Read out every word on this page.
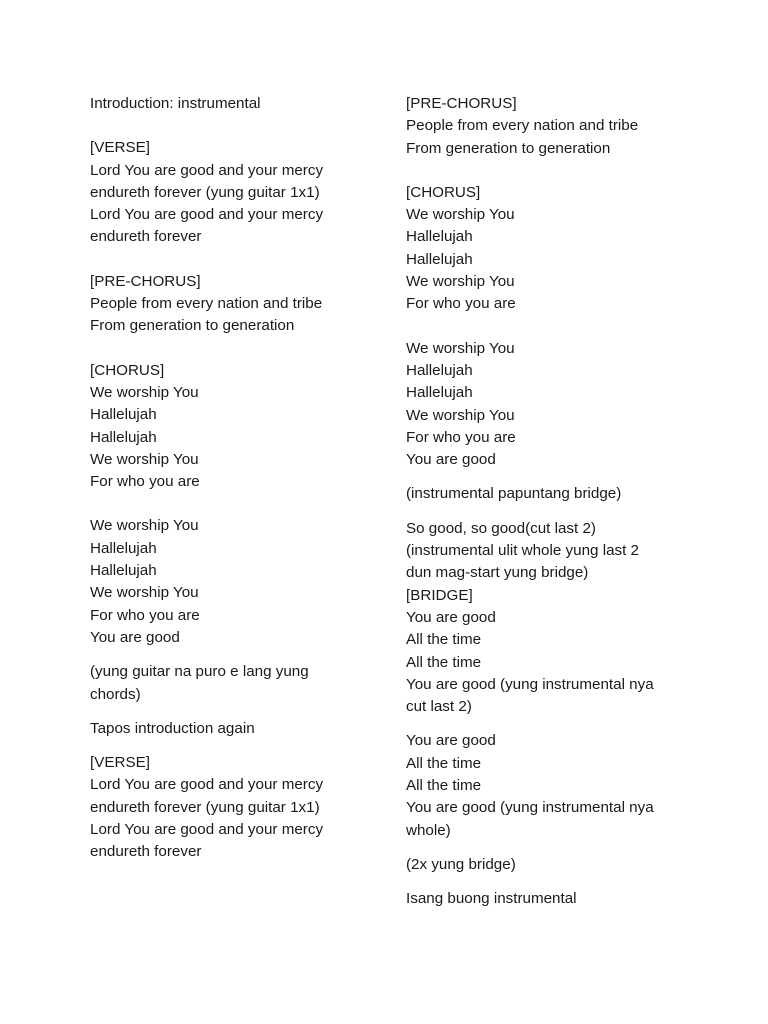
Introduction: instrumental
[VERSE]
Lord You are good and your mercy
endureth forever (yung guitar 1x1)
Lord You are good and your mercy
endureth forever
[PRE-CHORUS]
People from every nation and tribe
From generation to generation
[CHORUS]
We worship You
Hallelujah
Hallelujah
We worship You
For who you are
We worship You
Hallelujah
Hallelujah
We worship You
For who you are
You are good
(yung guitar na puro e lang yung
chords)
Tapos introduction again
[VERSE]
Lord You are good and your mercy
endureth forever (yung guitar 1x1)
Lord You are good and your mercy
endureth forever
[PRE-CHORUS]
People from every nation and tribe
From generation to generation
[CHORUS]
We worship You
Hallelujah
Hallelujah
We worship You
For who you are
We worship You
Hallelujah
Hallelujah
We worship You
For who you are
You are good
(instrumental papuntang bridge)
So good, so good(cut last 2)
(instrumental ulit whole yung last 2
dun mag-start yung bridge)
[BRIDGE]
You are good
All the time
All the time
You are good (yung instrumental nya
cut last 2)
You are good
All the time
All the time
You are good (yung instrumental nya
whole)
(2x yung bridge)
Isang buong instrumental
